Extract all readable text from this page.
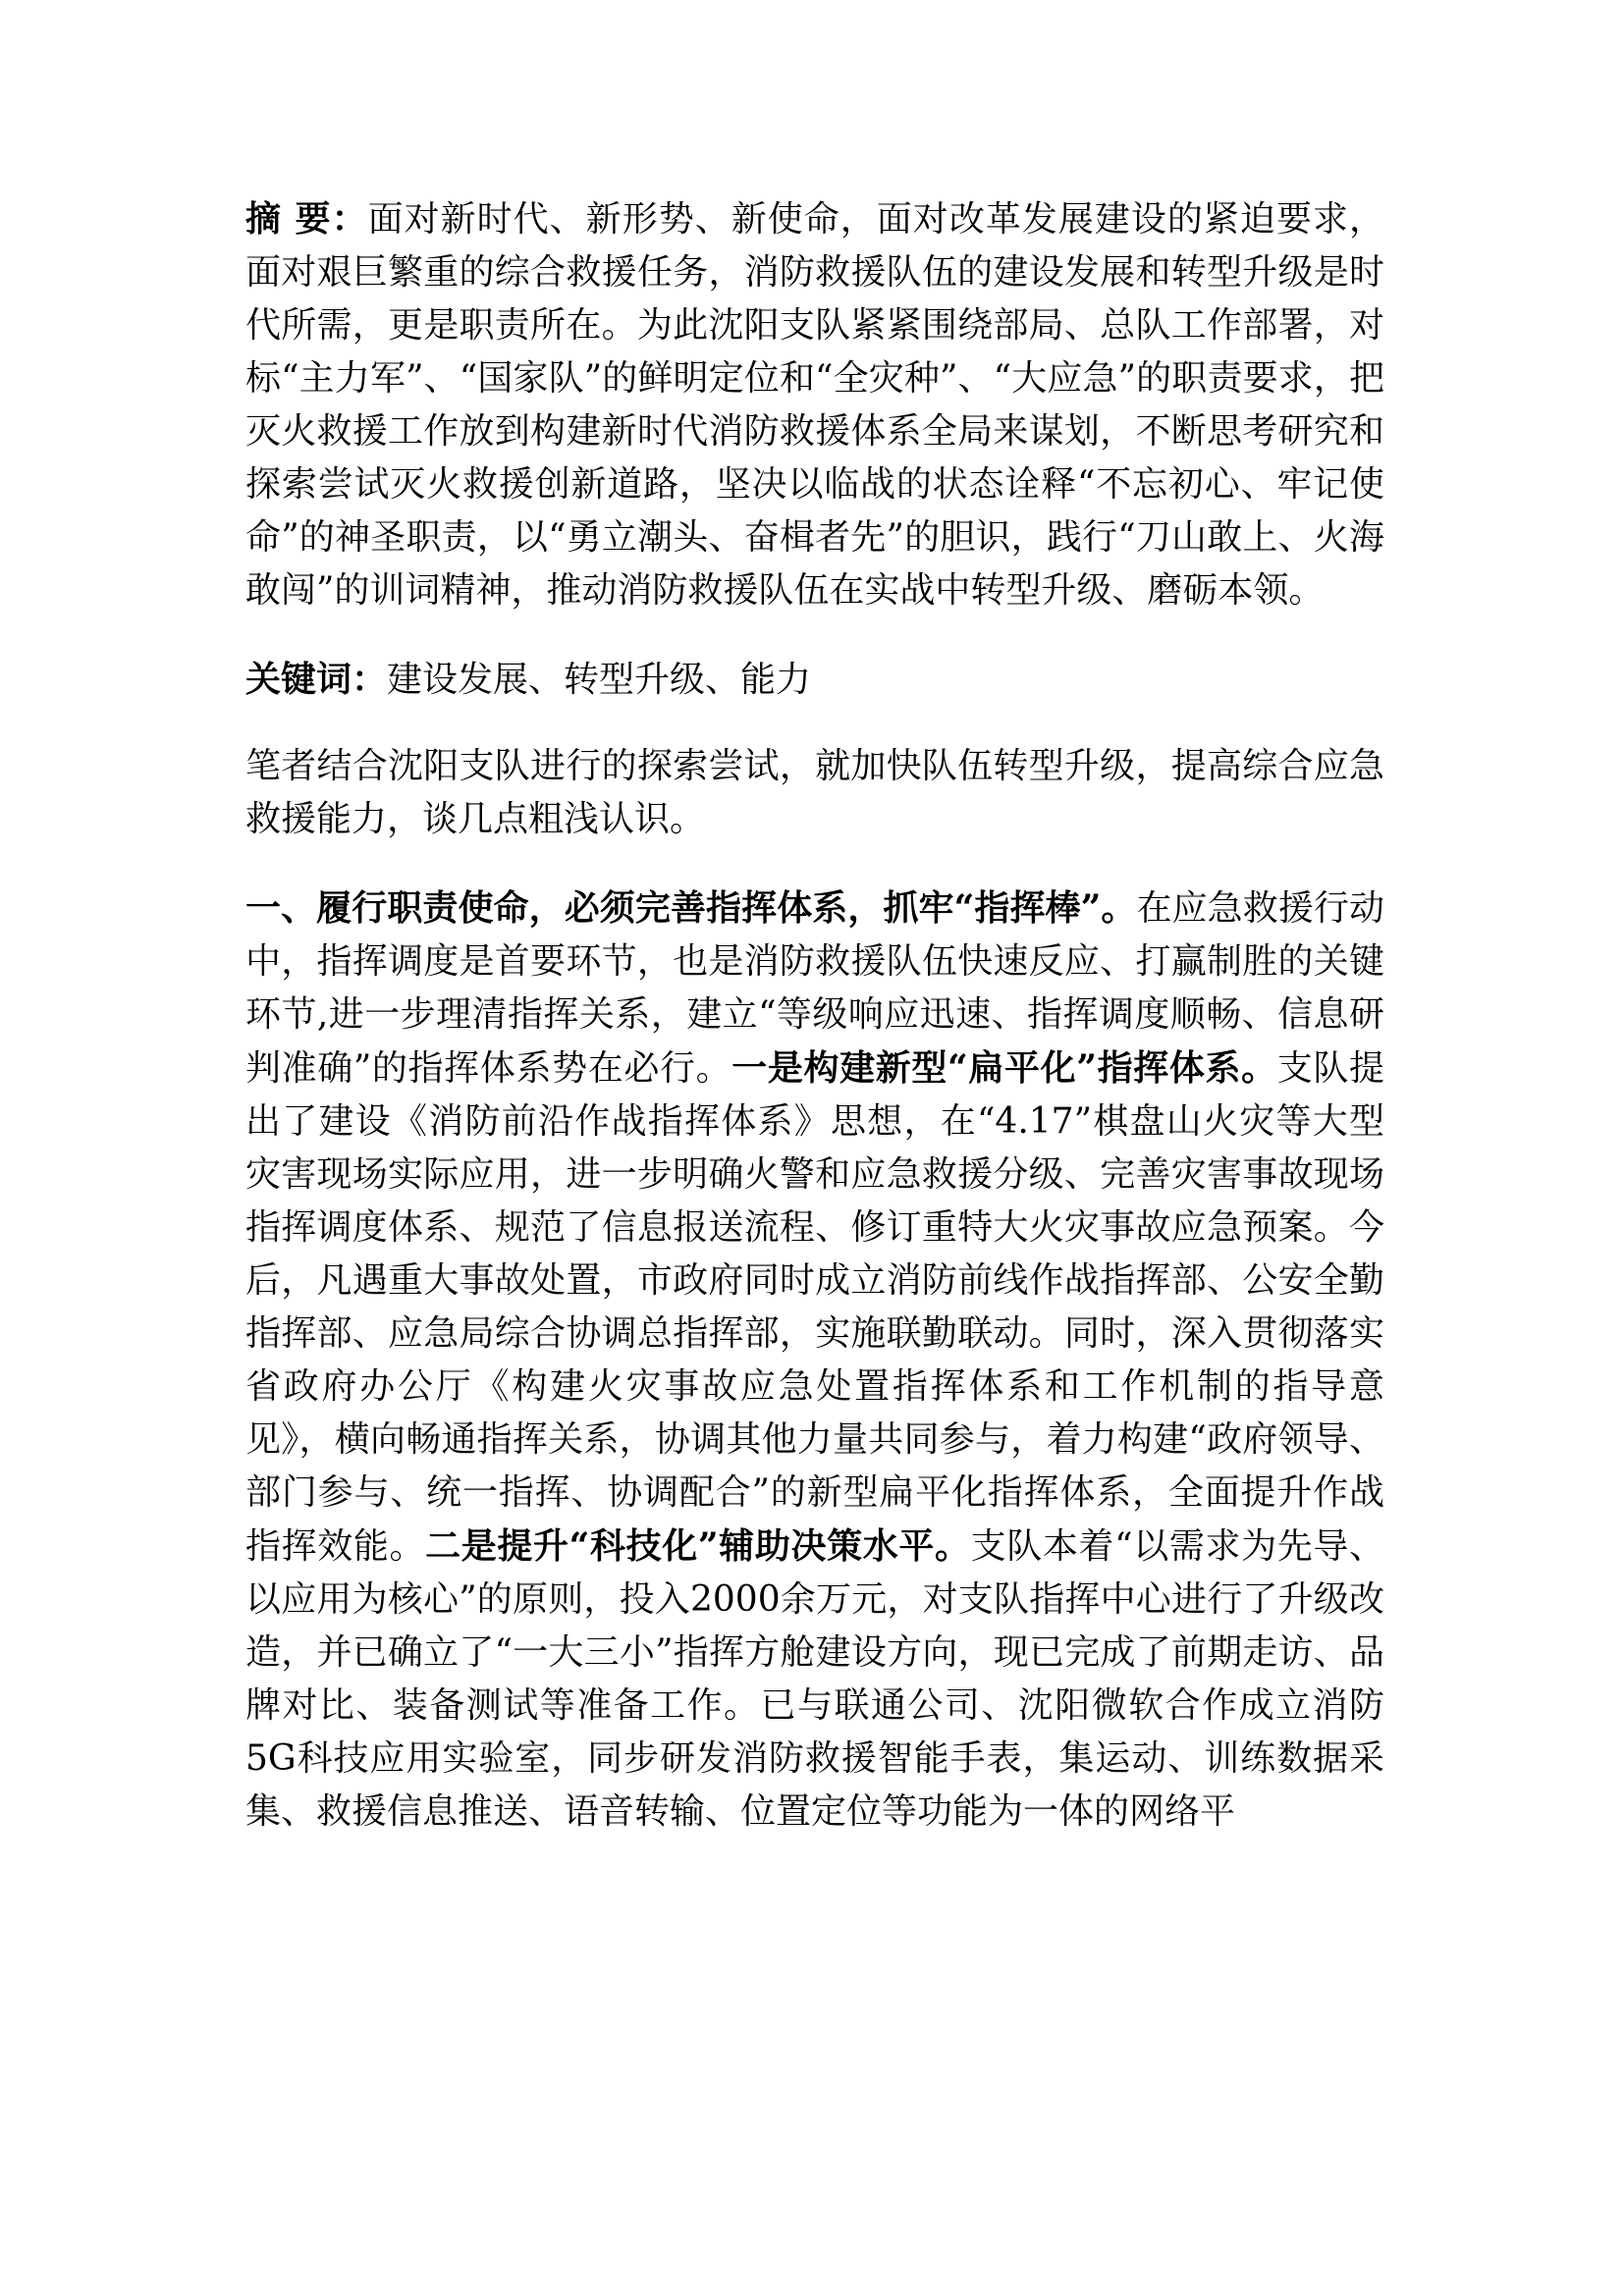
摘 要：面对新时代、新形势、新使命，面对改革发展建设的紧迫要求，面对艰巨繁重的综合救援任务，消防救援队伍的建设发展和转型升级是时代所需，更是职责所在。为此沈阳支队紧紧围绕部局、总队工作部署，对标“主力军”、“国家队”的鲜明定位和“全灾种”、“大应急”的职责要求，把灭火救援工作放到构建新时代消防救援体系全局来谋划，不断思考研究和探索尝试灭火救援创新道路，坚决以临战的状态诠释“不忘初心、牢记使命”的神圣职责，以“勇立潮头、奋楫者先”的胆识，践行“刀山敢上、火海敢闯”的训词精神，推动消防救援队伍在实战中转型升级、磨砺本领。

关键词：建设发展、转型升级、能力

笔者结合沈阳支队进行的探索尝试，就加快队伍转型升级，提高综合应急救援能力，谈几点粗浅认识。

一、履行职责使命，必须完善指挥体系，抓牢“指挥棒”。在应急救援行动中，指挥调度是首要环节，也是消防救援队伍快速反应、打赢制胜的关键环节,进一步理清指挥关系，建立“等级响应迅速、指挥调度顺畅、信息研判准确”的指挥体系势在必行。一是构建新型“扁平化”指挥体系。支队提出了建设《消防前沿作战指挥体系》思想，在“4.17”棋盘山火灾等大型灾害现场实际应用，进一步明确火警和应急救援分级、完善灾害事故现场指挥调度体系、规范了信息报送流程、修订重特大火灾事故应急预案。今后，凡遇重大事故处置，市政府同时成立消防前线作战指挥部、公安全勤指挥部、应急局综合协调总指挥部，实施联勤联动。同时，深入贯彻落实省政府办公厅《构建火灾事故应急处置指挥体系和工作机制的指导意见》，横向畅通指挥关系，协调其他力量共同参与，着力构建“政府领导、部门参与、统一指挥、协调配合”的新型扁平化指挥体系，全面提升作战指挥效能。二是提升“科技化”辅助决策水平。支队本着“以需求为先导、以应用为核心”的原则，投入2000余万元，对支队指挥中心进行了升级改造，并已确立了“一大三小”指挥方舱建设方向，现已完成了前期走访、品牌对比、装备测试等准备工作。已与联通公司、沈阳微软合作成立消防5G科技应用实验室，同步研发消防救援智能手表，集运动、训练数据采集、救援信息推送、语音转输、位置定位等功能为一体的网络平
